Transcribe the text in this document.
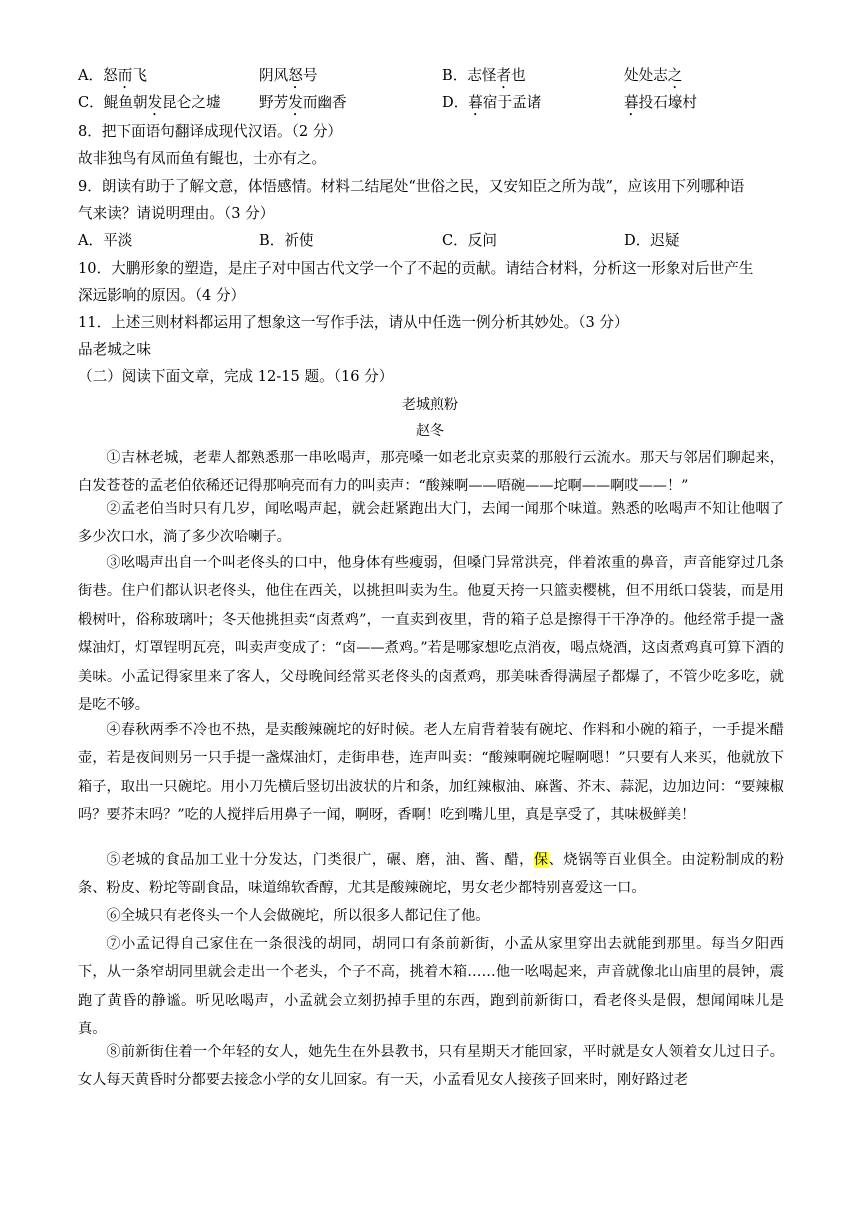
A．怒而飞	阴风怒号	B．志怪者也	处处志之
C．鲲鱼朝发昆仑之墟	野芳发而幽香	D．暮宿于孟诸	暮投石壕村
8．把下面语句翻译成现代汉语。（2 分）
故非独鸟有凤而鱼有鲲也，士亦有之。
9．朗读有助于了解文意，体悟感情。材料二结尾处“世俗之民，又安知臣之所为哉”，应该用下列哪种语
气来读？请说明理由。（3 分）
A．平淡	B．祈使	C．反问	D．迟疑
10．大鹏形象的塑造，是庄子对中国古代文学一个了不起的贡献。请结合材料，分析这一形象对后世产生
深远影响的原因。（4 分）
11．上述三则材料都运用了想象这一写作手法，请从中任选一例分析其妙处。（3 分）
品老城之味
（二）阅读下面文章，完成 12-15 题。（16 分）
老城煎粉
赵冬

①吉林老城，老辈人都熟悉那一串吆喝声，那亮嗓一如老北京卖菜的那般行云流水。那天与邻居们聊起来，白发苍苍的孟老伯依稀还记得那响亮而有力的叫卖声：“酸辣啊——唔碗——坨啊——啊哎——！”

②孟老伯当时只有几岁，闻吆喝声起，就会赶紧跑出大门，去闻一闻那个味道。熟悉的吆喝声不知让他咽了多少次口水，淌了多少次哈喇子。

③吆喝声出自一个叫老佟头的口中，他身体有些瘦弱，但嗓门异常洪亮，伴着浓重的鼻音，声音能穿过几条街巷。住户们都认识老佟头，他住在西关，以挑担叫卖为生。他夏天挎一只篮卖樱桃，但不用纸口袋装，而是用椴树叶，俗称玻璃叶；冬天他挑担卖“卤煮鸡”，一直卖到夜里，背的箱子总是擦得干干净净的。他经常手提一盏煤油灯，灯罩锃明瓦亮，叫卖声变成了：“卤——煮鸡。”若是哪家想吃点消夜，喝点烧酒，这卤煮鸡真可算下酒的美味。小孟记得家里来了客人，父母晚间经常买老佟头的卤煮鸡，那美味香得满屋子都爆了，不管少吃多吃，就是吃不够。

④春秋两季不冷也不热，是卖酸辣碗坨的好时候。老人左肩背着装有碗坨、作料和小碗的箱子，一手提米醋壶，若是夜间则另一只手提一盏煤油灯，走街串巷，连声叫卖：“酸辣啊碗坨喔啊嗯！”只要有人来买，他就放下箱子，取出一只碗坨。用小刀先横后竖切出波状的片和条，加红辣椒油、麻酱、芥末、蒜泥，边加边问：“要辣椒吗？要芥末吗？”吃的人搅拌后用鼻子一闻，啊呀，香啊！吃到嘴儿里，真是享受了，其味极鲜美！

⑤老城的食品加工业十分发达，门类很广，碾、磨，油、酱、醋，保、烧锅等百业俱全。由淀粉制成的粉条、粉皮、粉坨等副食品，味道绵软香醇，尤其是酸辣碗坨，男女老少都特别喜爱这一口。

⑥全城只有老佟头一个人会做碗坨，所以很多人都记住了他。

⑦小孟记得自己家住在一条很浅的胡同，胡同口有条前新街，小孟从家里穿出去就能到那里。每当夕阳西下，从一条窄胡同里就会走出一个老头，个子不高，挑着木箱……他一吆喝起来，声音就像北山庙里的晨钟，震跑了黄昏的静谧。听见吆喝声，小孟就会立刻扔掉手里的东西，跑到前新街口，看老佟头是假，想闻闻味儿是真。

⑧前新街住着一个年轻的女人，她先生在外县教书，只有星期天才能回家，平时就是女人领着女儿过日子。女人每天黄昏时分都要去接念小学的女儿回家。有一天，小孟看见女人接孩子回来时，刚好路过老
